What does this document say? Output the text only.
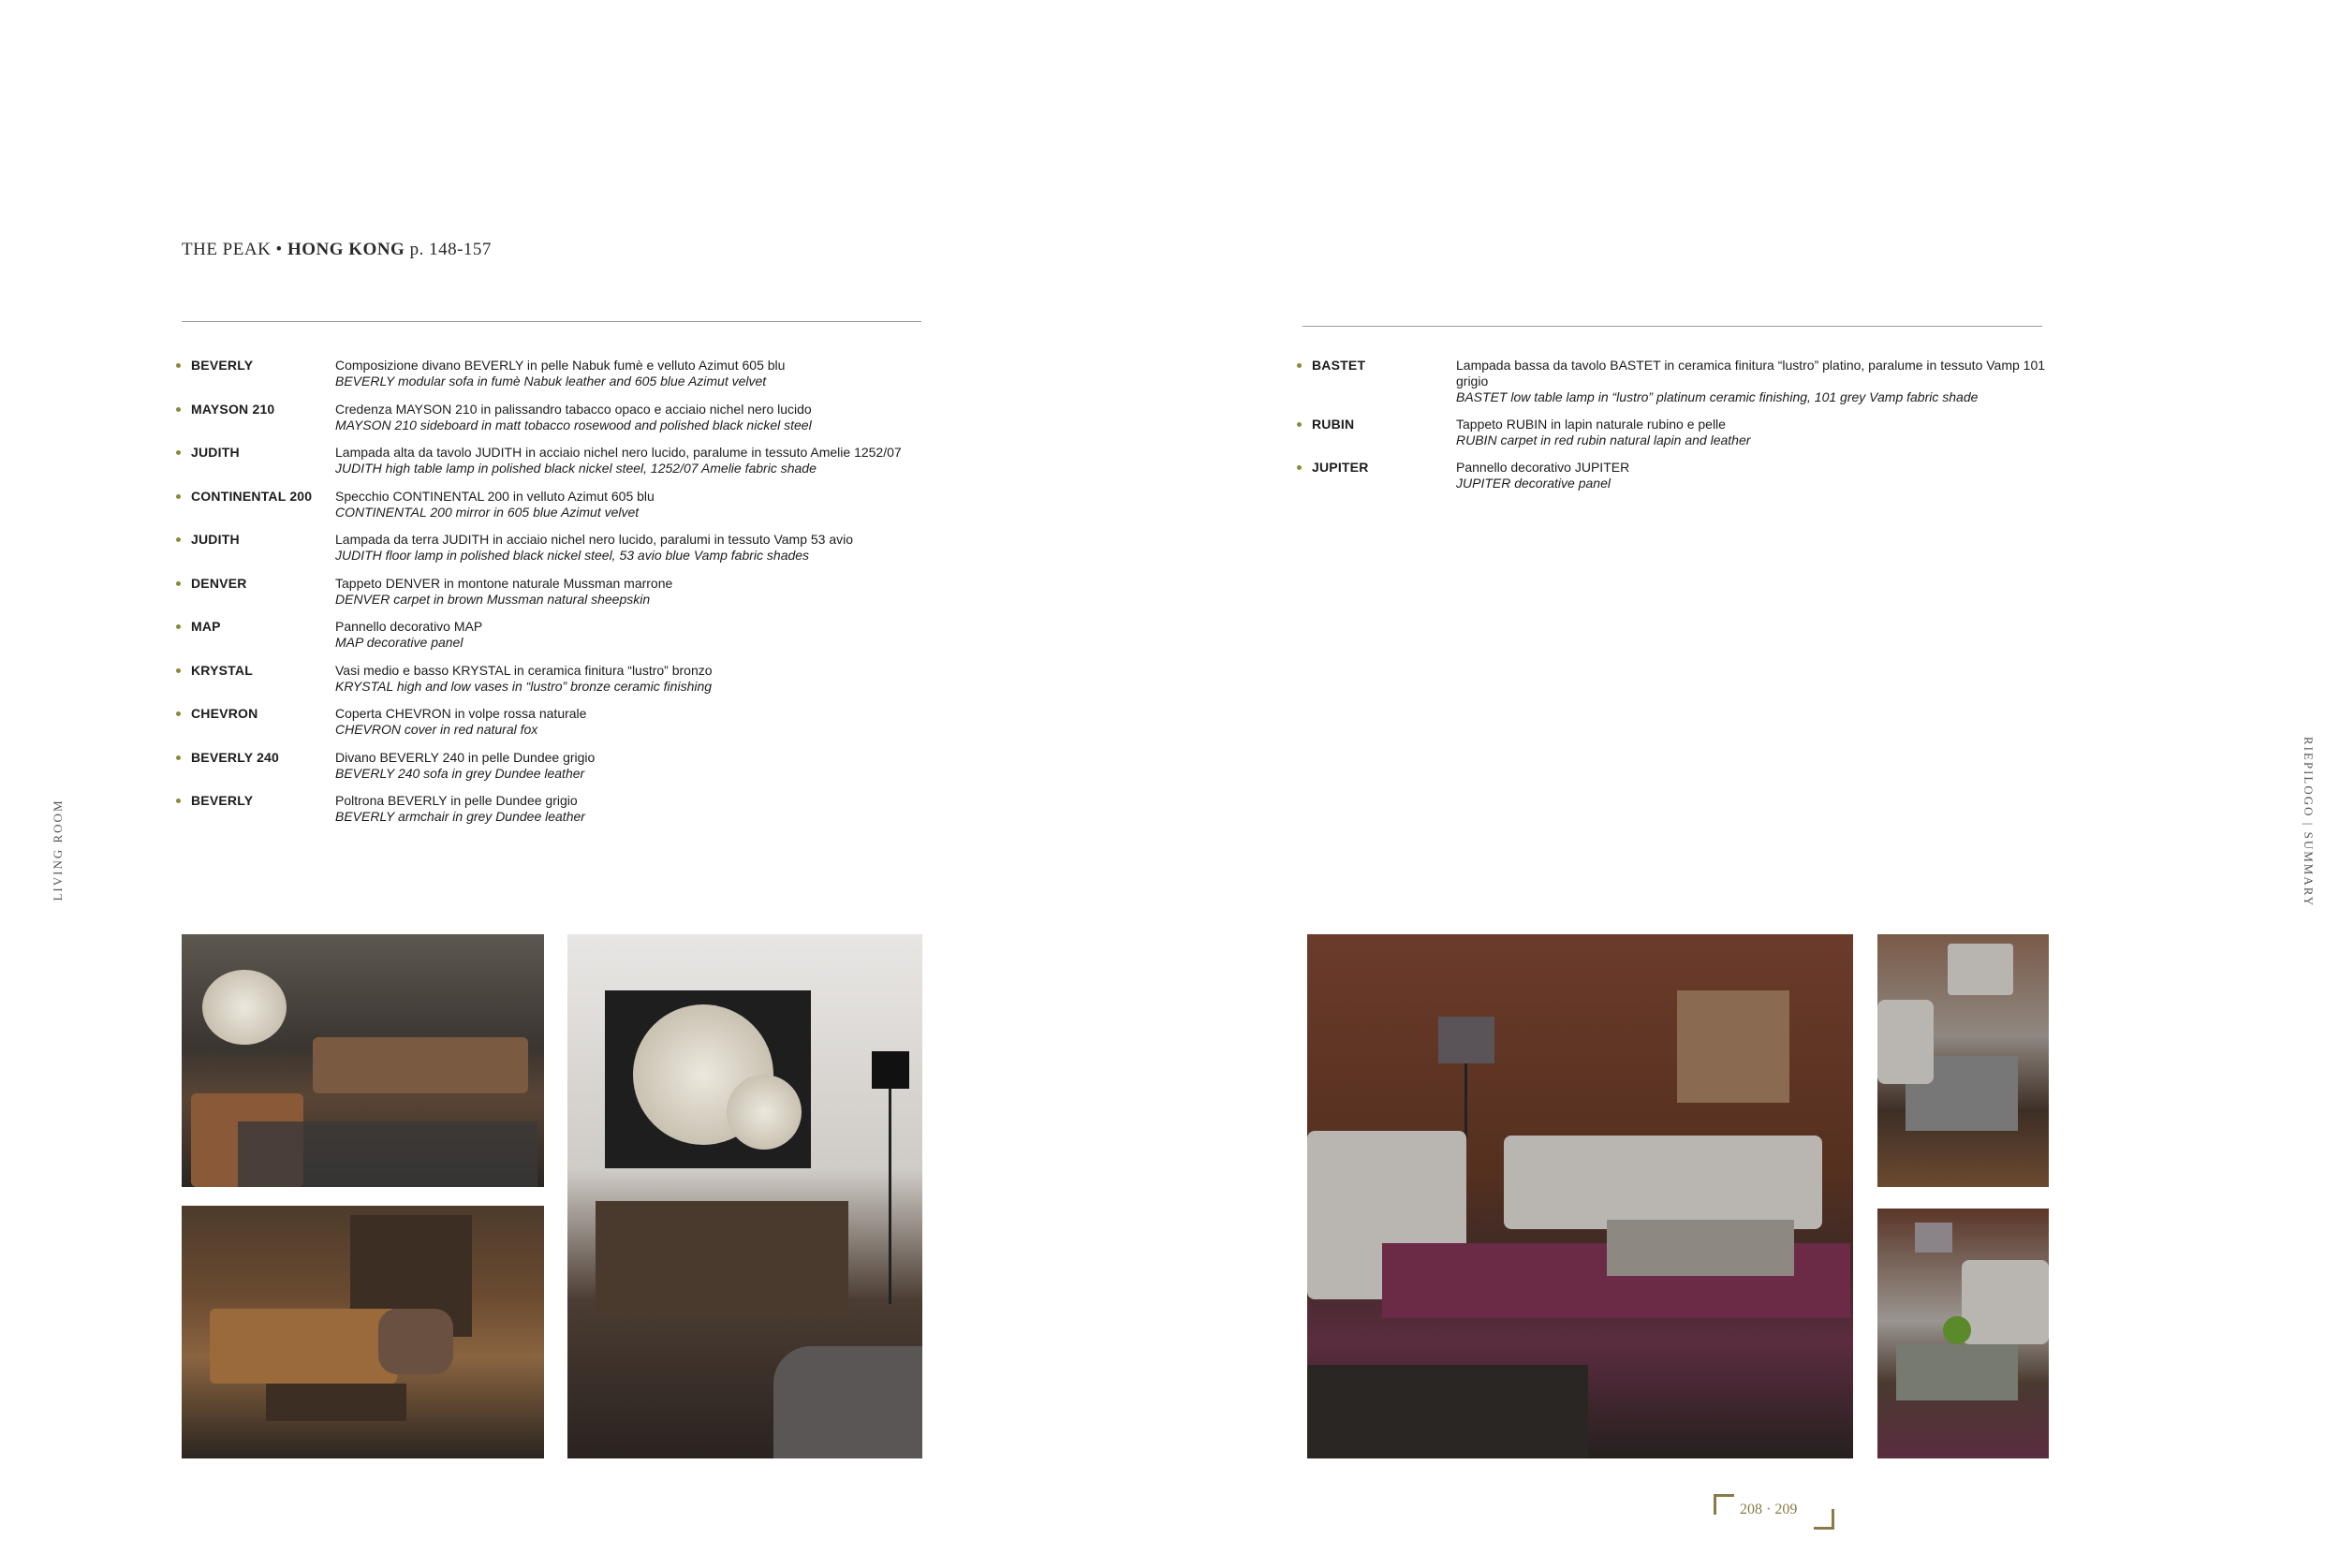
THE PEAK • HONG KONG p. 148-157
BEVERLY	Composizione divano BEVERLY in pelle Nabuk fumè e velluto Azimut 605 blu
BEVERLY modular sofa in fumè Nabuk leather and 605 blue Azimut velvet
MAYSON 210	Credenza MAYSON 210 in palissandro tabacco opaco e acciaio nichel nero lucido
MAYSON 210 sideboard in matt tobacco rosewood and polished black nickel steel
JUDITH	Lampada alta da tavolo JUDITH in acciaio nichel nero lucido, paralume in tessuto Amelie 1252/07
JUDITH high table lamp in polished black nickel steel, 1252/07 Amelie fabric shade
CONTINENTAL 200 Specchio CONTINENTAL 200 in velluto Azimut 605 blu
CONTINENTAL 200 mirror in 605 blue Azimut velvet
JUDITH	Lampada da terra JUDITH in acciaio nichel nero lucido, paralumi in tessuto Vamp 53 avio
JUDITH floor lamp in polished black nickel steel, 53 avio blue Vamp fabric shades
DENVER	Tappeto DENVER in montone naturale Mussman marrone
DENVER carpet in brown Mussman natural sheepskin
MAP	Pannello decorativo MAP
MAP decorative panel
KRYSTAL	Vasi medio e basso KRYSTAL in ceramica finitura “lustro” bronzo
KRYSTAL high and low vases in “lustro” bronze ceramic finishing
CHEVRON	Coperta CHEVRON in volpe rossa naturale
CHEVRON cover in red natural fox
BEVERLY 240	Divano BEVERLY 240 in pelle Dundee grigio
BEVERLY 240 sofa in grey Dundee leather
BEVERLY	Poltrona BEVERLY in pelle Dundee grigio
BEVERLY armchair in grey Dundee leather
BASTET	Lampada bassa da tavolo BASTET in ceramica finitura “lustro” platino, paralume in tessuto Vamp 101 grigio
BASTET low table lamp in “lustro” platinum ceramic finishing, 101 grey Vamp fabric shade
RUBIN	Tappeto RUBIN in lapin naturale rubino e pelle
RUBIN carpet in red rubin natural lapin and leather
JUPITER	Pannello decorativo JUPITER
JUPITER decorative panel
LIVING ROOM	RIEPILOGO | SUMMARY
208 · 209
